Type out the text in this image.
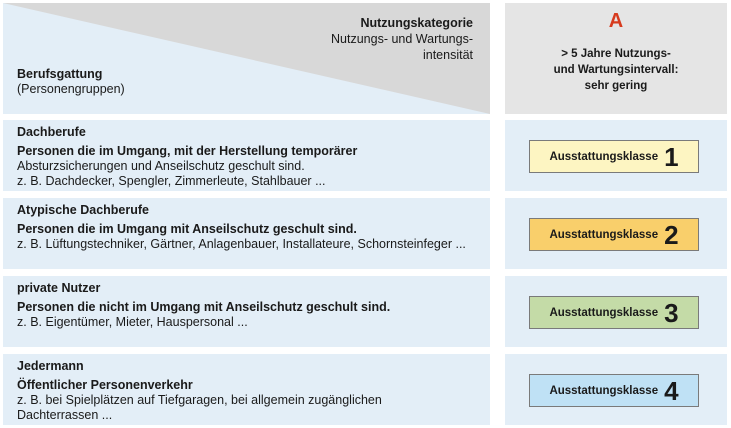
Nutzungskategorie
Nutzungs- und Wartungs-
intensität
Berufsgattung
(Personengruppen)
A
> 5 Jahre Nutzungs-
und Wartungsintervall:
sehr gering
Dachberufe
Personen die im Umgang, mit der Herstellung temporärer
Absturzsicherungen und Anseilschutz geschult sind.
z. B. Dachdecker, Spengler, Zimmerleute, Stahlbauer ...
Ausstattungsklasse 1
Atypische Dachberufe
Personen die im Umgang mit Anseilschutz geschult sind.
z. B. Lüftungstechniker, Gärtner, Anlagenbauer, Installateure, Schornsteinfeger ...
Ausstattungsklasse 2
private Nutzer
Personen die nicht im Umgang mit Anseilschutz geschult sind.
z. B. Eigentümer, Mieter, Hauspersonal ...
Ausstattungsklasse 3
Jedermann
Öffentlicher Personenverkehr
z. B. bei Spielplätzen auf Tiefgaragen, bei allgemein zugänglichen
Dachterrassen ...
Ausstattungsklasse 4
